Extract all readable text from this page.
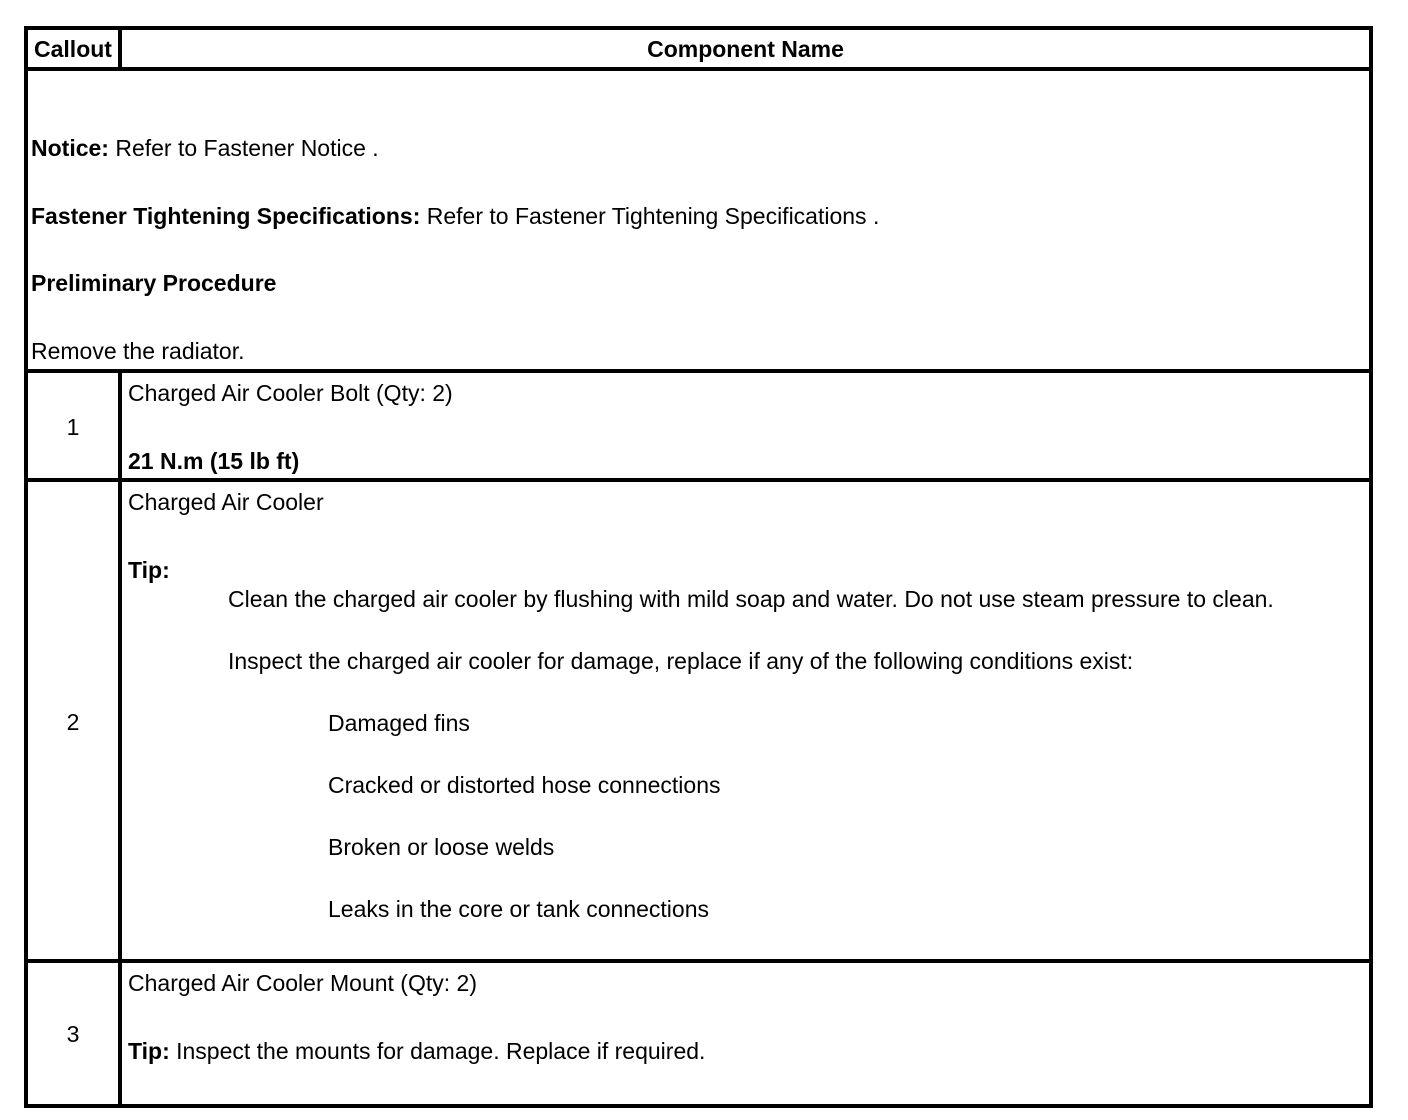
Callout	Component Name
Notice: Refer to Fastener Notice .
Fastener Tightening Specifications: Refer to Fastener Tightening Specifications .
Preliminary Procedure
Remove the radiator.
1
Charged Air Cooler Bolt (Qty: 2)
21 N.m (15 lb ft)
2
Charged Air Cooler
Tip:
Clean the charged air cooler by flushing with mild soap and water. Do not use steam pressure to clean.
Inspect the charged air cooler for damage, replace if any of the following conditions exist:
Damaged fins
Cracked or distorted hose connections
Broken or loose welds
Leaks in the core or tank connections
3
Charged Air Cooler Mount (Qty: 2)
Tip: Inspect the mounts for damage. Replace if required.
